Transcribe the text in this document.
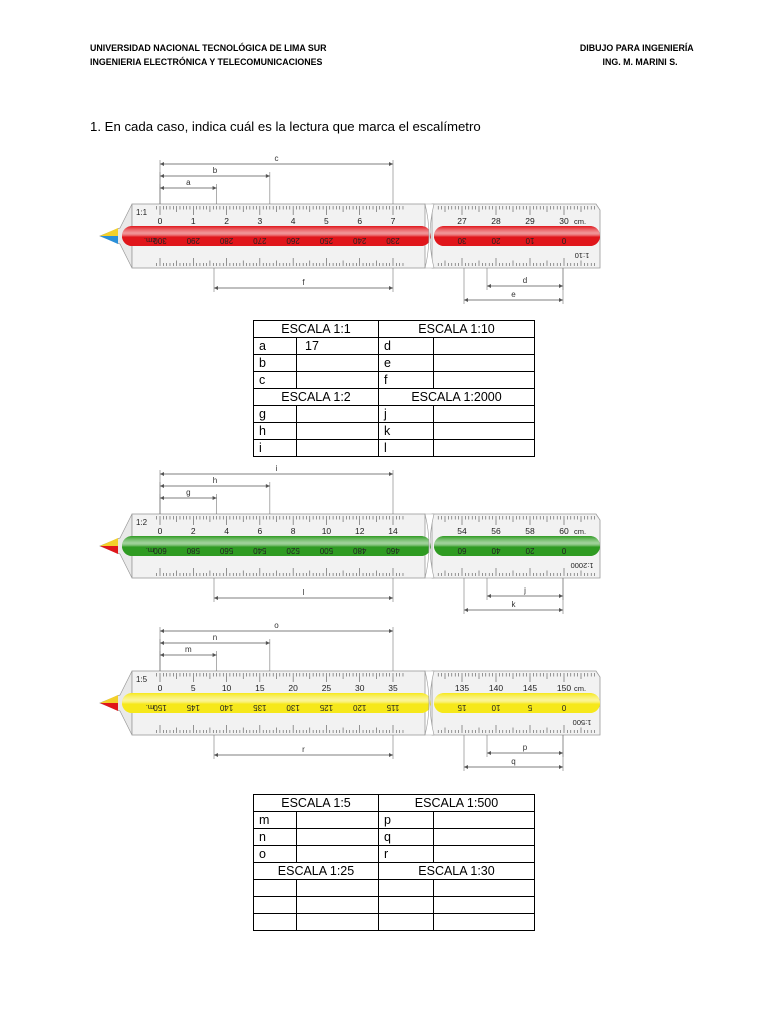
UNIVERSIDAD NACIONAL TECNOLÓGICA DE LIMA SUR
INGENIERIA ELECTRÓNICA Y TELECOMUNICACIONES
DIBUJO PARA INGENIERÍA
ING. M. MARINI S.
1. En cada caso, indica cuál es la lectura que marca el escalímetro
0	1	2	3	4	5	6	7
1:1
300 290 280 270 260 250 240 230
cm.
27	28	29	30 cm.
30	20	10	0
1:10
c
b
a
f	d
e
0	2	4	6	8	10	12	14
1:2
600 580 560 540 520 500 480 460
m.
54	56	58	60 cm.
60	40	20	0
1:2000
i
h
g
l	j
k
0	5	10	15	20	25	30	35
1:5
150 145 140 135 130 125 120	115
m.
135 140 145 150 cm.
15	10	5	0
1:500
o
n
m
r	p
q
ESCALA 1:1		ESCALA 1:10	
a	17	d	
b		e	
c		f	
ESCALA 1:2		ESCALA 1:2000	
g		j	
h		k	
i		l	
ESCALA 1:5		ESCALA 1:500	
m		p	
n		q	
o		r	
ESCALA 1:25		ESCALA 1:30	
